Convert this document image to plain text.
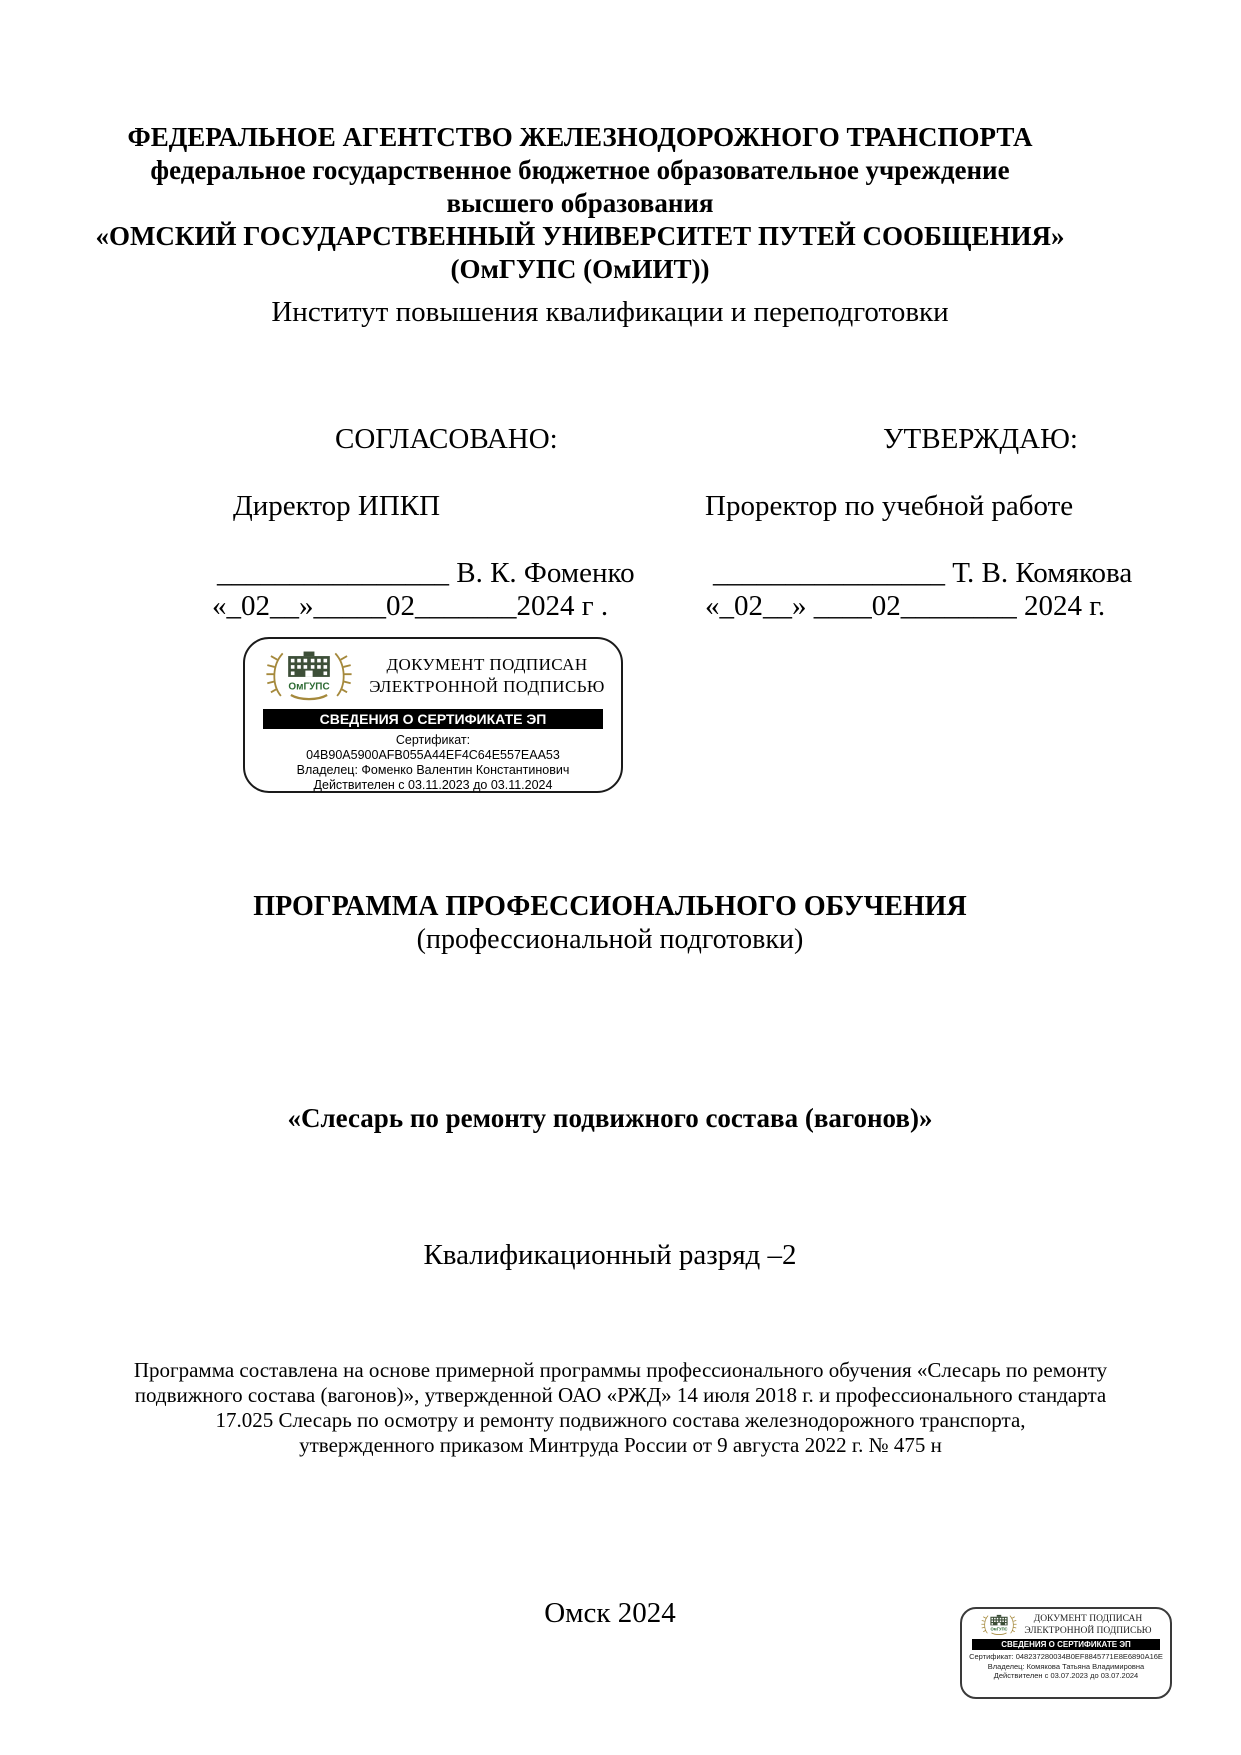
ФЕДЕРАЛЬНОЕ АГЕНТСТВО ЖЕЛЕЗНОДОРОЖНОГО ТРАНСПОРТА
федеральное государственное бюджетное образовательное учреждение
высшего образования
«ОМСКИЙ ГОСУДАРСТВЕННЫЙ УНИВЕРСИТЕТ ПУТЕЙ СООБЩЕНИЯ»
(ОмГУПС (ОмИИТ))
Институт повышения квалификации и переподготовки
СОГЛАСОВАНО:
Директор ИПКП
________________ В. К. Фоменко
«_02__»_____02_______2024 г .
УТВЕРЖДАЮ:
Проректор по учебной работе
________________ Т. В. Комякова
«_02__» ____02________ 2024 г.
ОмГУПС
ДОКУМЕНТ ПОДПИСАН
ЭЛЕКТРОННОЙ ПОДПИСЬЮ
СВЕДЕНИЯ О СЕРТИФИКАТЕ ЭП
Сертификат:
04B90A5900AFB055A44EF4C64E557EAA53
Владелец: Фоменко Валентин Константинович
Действителен с 03.11.2023 до 03.11.2024
ПРОГРАММА ПРОФЕССИОНАЛЬНОГО ОБУЧЕНИЯ
(профессиональной подготовки)
«Слесарь по ремонту подвижного состава (вагонов)»
Квалификационный разряд –2
Программа составлена на основе примерной программы профессионального обучения «Слесарь по ремонту
подвижного состава (вагонов)», утвержденной ОАО «РЖД» 14 июля 2018 г. и профессионального стандарта
17.025 Слесарь по осмотру и ремонту подвижного состава железнодорожного транспорта,
утвержденного приказом Минтруда России от 9 августа 2022 г. № 475 н
Омск 2024
ОмГУПС
ДОКУМЕНТ ПОДПИСАН
ЭЛЕКТРОННОЙ ПОДПИСЬЮ
СВЕДЕНИЯ О СЕРТИФИКАТЕ ЭП
Сертификат: 048237280034B0EF8845771E8E6890A16E
Владелец: Комякова Татьяна Владимировна
Действителен с 03.07.2023 до 03.07.2024
